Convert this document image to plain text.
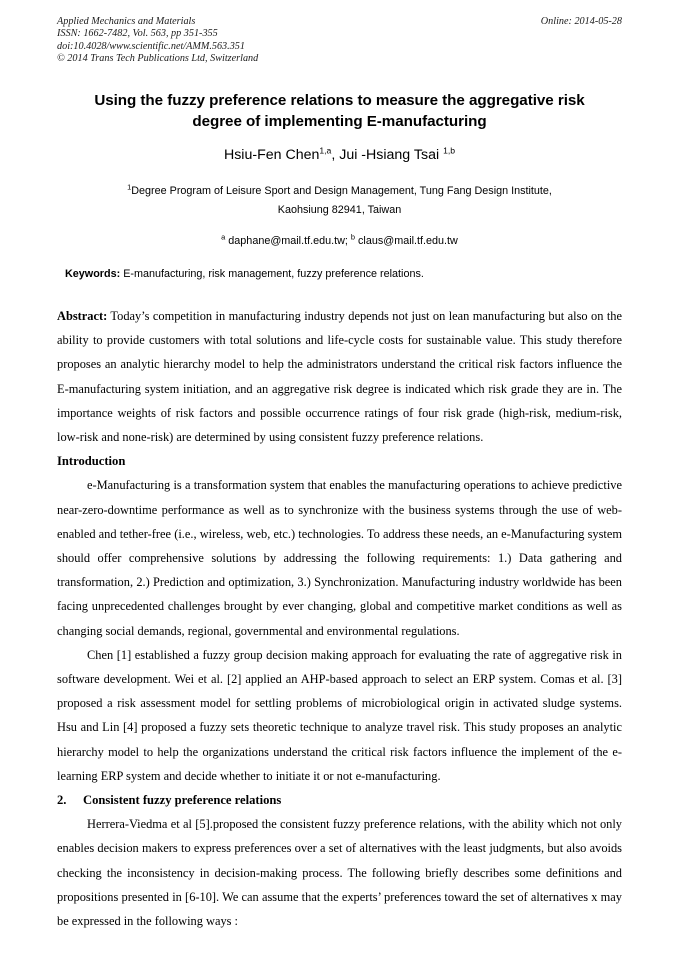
Applied Mechanics and Materials
ISSN: 1662-7482, Vol. 563, pp 351-355
doi:10.4028/www.scientific.net/AMM.563.351
© 2014 Trans Tech Publications Ltd, Switzerland
Online: 2014-05-28
Using the fuzzy preference relations to measure the aggregative risk degree of implementing E-manufacturing
Hsiu-Fen Chen$^{1,a}$, Jui -Hsiang Tsai $^{1,b}$
$^1$Degree Program of Leisure Sport and Design Management, Tung Fang Design Institute, Kaohsiung 82941, Taiwan
$^a$ daphane@mail.tf.edu.tw; $^b$ claus@mail.tf.edu.tw
Keywords: E-manufacturing, risk management, fuzzy preference relations.

Abstract: Today’s competition in manufacturing industry depends not just on lean manufacturing but also on the ability to provide customers with total solutions and life-cycle costs for sustainable value. This study therefore proposes an analytic hierarchy model to help the administrators understand the critical risk factors influence the E-manufacturing system initiation, and an aggregative risk degree is indicated which risk grade they are in. The importance weights of risk factors and possible occurrence ratings of four risk grade (high-risk, medium-risk, low-risk and none-risk) are determined by using consistent fuzzy preference relations.

Introduction

e-Manufacturing is a transformation system that enables the manufacturing operations to achieve predictive near-zero-downtime performance as well as to synchronize with the business systems through the use of web-enabled and tether-free (i.e., wireless, web, etc.) technologies. To address these needs, an e-Manufacturing system should offer comprehensive solutions by addressing the following requirements: 1.) Data gathering and transformation, 2.) Prediction and optimization, 3.) Synchronization. Manufacturing industry worldwide has been facing unprecedented challenges brought by ever changing, global and competitive market conditions as well as changing social demands, regional, governmental and environmental regulations.

Chen [1] established a fuzzy group decision making approach for evaluating the rate of aggregative risk in software development. Wei et al. [2] applied an AHP-based approach to select an ERP system. Comas et al. [3] proposed a risk assessment model for settling problems of microbiological origin in activated sludge systems. Hsu and Lin [4] proposed a fuzzy sets theoretic technique to analyze travel risk. This study proposes an analytic hierarchy model to help the organizations understand the critical risk factors influence the implement of the e-learning ERP system and decide whether to initiate it or not e-manufacturing.

2. Consistent fuzzy preference relations

Herrera-Viedma et al [5].proposed the consistent fuzzy preference relations, with the ability which not only enables decision makers to express preferences over a set of alternatives with the least judgments, but also avoids checking the inconsistency in decision-making process. The following briefly describes some definitions and propositions presented in [6-10]. We can assume that the experts’ preferences toward the set of alternatives x may be expressed in the following ways :
